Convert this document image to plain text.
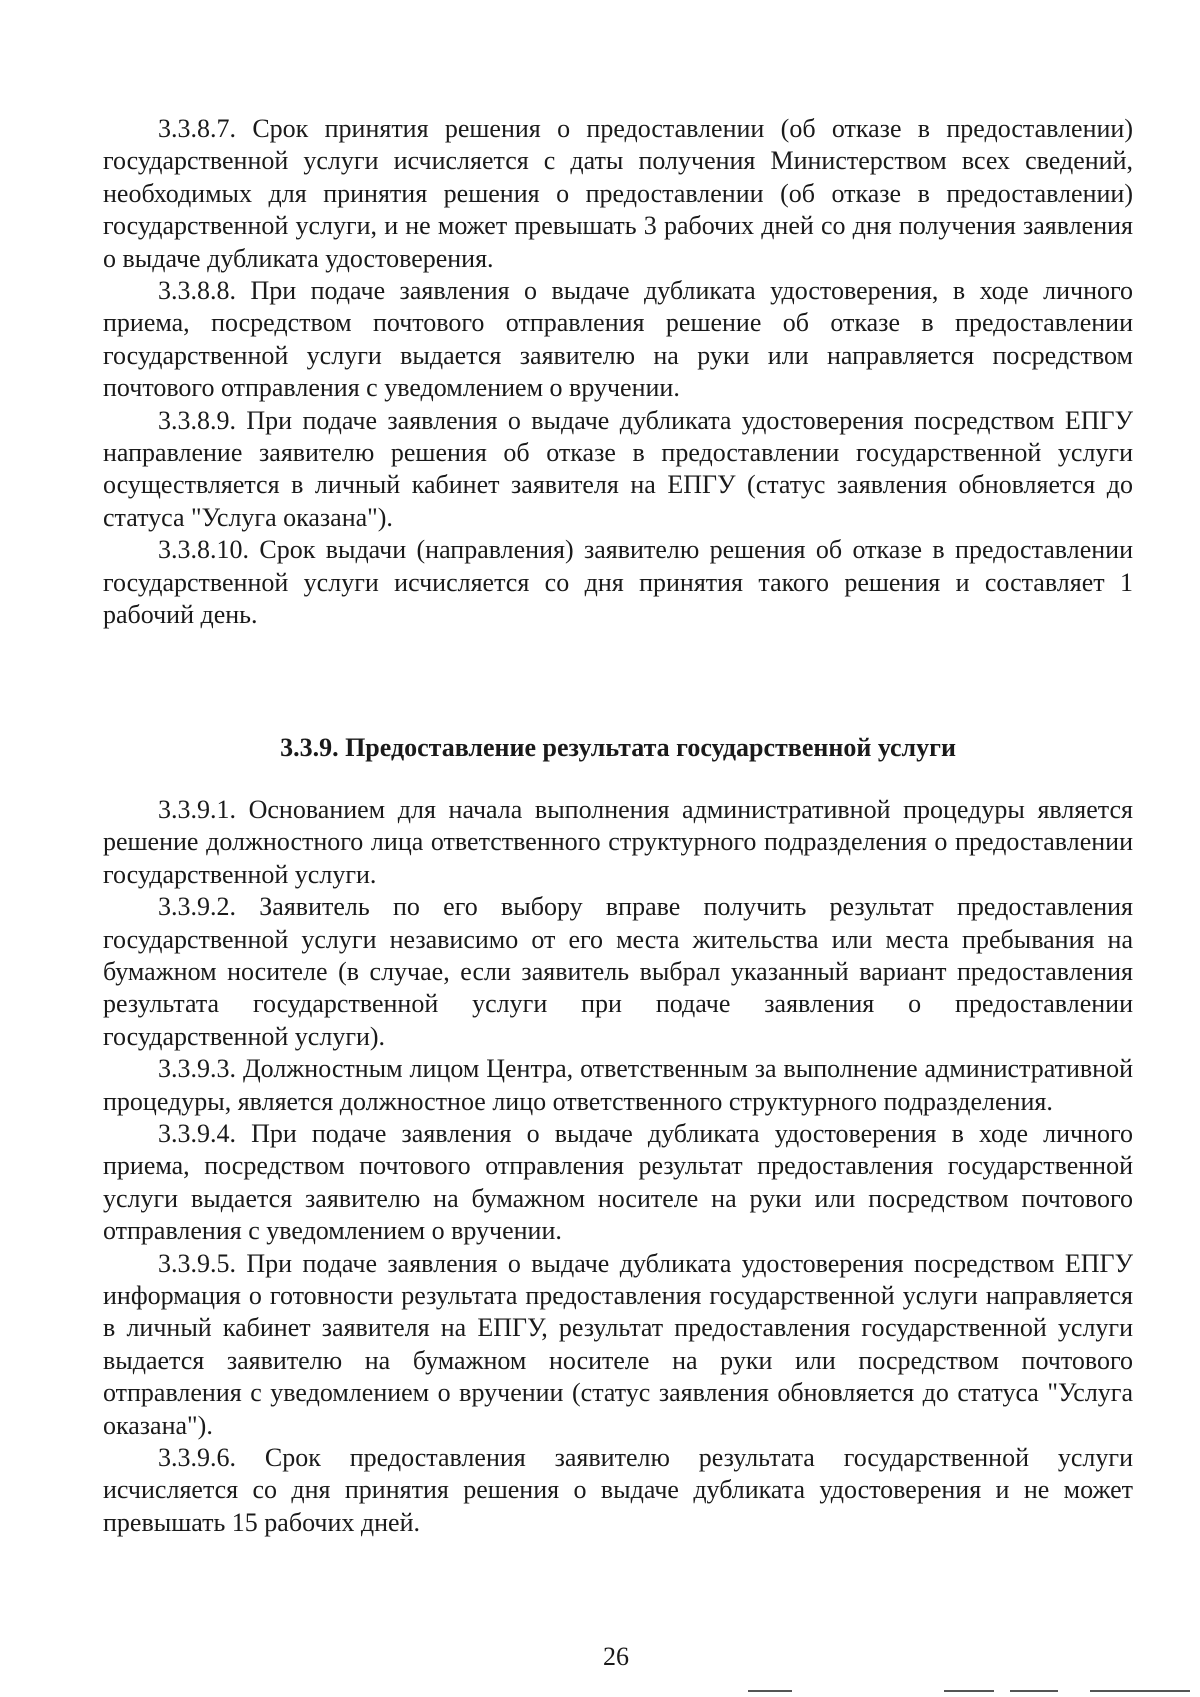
3.3.8.7. Срок принятия решения о предоставлении (об отказе в предоставлении) государственной услуги исчисляется с даты получения Министерством всех сведений, необходимых для принятия решения о предоставлении (об отказе в предоставлении) государственной услуги, и не может превышать 3 рабочих дней со дня получения заявления о выдаче дубликата удостоверения.

3.3.8.8. При подаче заявления о выдаче дубликата удостоверения, в ходе личного приема, посредством почтового отправления решение об отказе в предоставлении государственной услуги выдается заявителю на руки или направляется посредством почтового отправления с уведомлением о вручении.

3.3.8.9. При подаче заявления о выдаче дубликата удостоверения посредством ЕПГУ направление заявителю решения об отказе в предоставлении государственной услуги осуществляется в личный кабинет заявителя на ЕПГУ (статус заявления обновляется до статуса "Услуга оказана").

3.3.8.10. Срок выдачи (направления) заявителю решения об отказе в предоставлении государственной услуги исчисляется со дня принятия такого решения и составляет 1 рабочий день.

3.3.9. Предоставление результата государственной услуги

3.3.9.1. Основанием для начала выполнения административной процедуры является решение должностного лица ответственного структурного подразделения о предоставлении государственной услуги.

3.3.9.2. Заявитель по его выбору вправе получить результат предоставления государственной услуги независимо от его места жительства или места пребывания на бумажном носителе (в случае, если заявитель выбрал указанный вариант предоставления результата государственной услуги при подаче заявления о предоставлении государственной услуги).

3.3.9.3. Должностным лицом Центра, ответственным за выполнение административной процедуры, является должностное лицо ответственного структурного подразделения.

3.3.9.4. При подаче заявления о выдаче дубликата удостоверения в ходе личного приема, посредством почтового отправления результат предоставления государственной услуги выдается заявителю на бумажном носителе на руки или посредством почтового отправления с уведомлением о вручении.

3.3.9.5. При подаче заявления о выдаче дубликата удостоверения посредством ЕПГУ информация о готовности результата предоставления государственной услуги направляется в личный кабинет заявителя на ЕПГУ, результат предоставления государственной услуги выдается заявителю на бумажном носителе на руки или посредством почтового отправления с уведомлением о вручении (статус заявления обновляется до статуса "Услуга оказана").

3.3.9.6. Срок предоставления заявителю результата государственной услуги исчисляется со дня принятия решения о выдаче дубликата удостоверения и не может превышать 15 рабочих дней.

26
